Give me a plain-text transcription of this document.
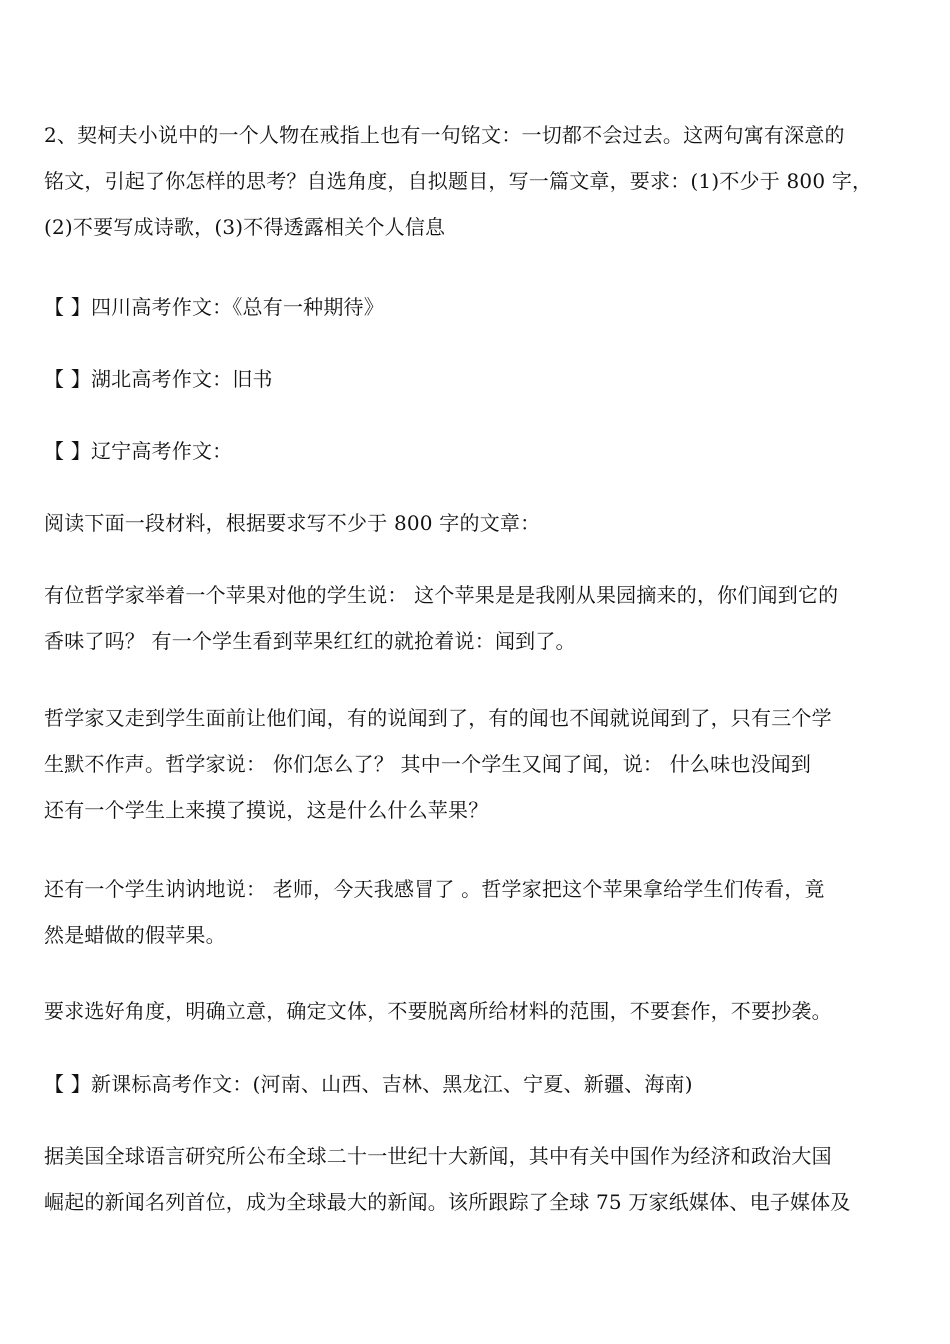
2、契柯夫小说中的一个人物在戒指上也有一句铭文：一切都不会过去。这两句寓有深意的
铭文，引起了你怎样的思考？自选角度，自拟题目，写一篇文章，要求：(1)不少于 800 字，
(2)不要写成诗歌，(3)不得透露相关个人信息

【 】四川高考作文：《总有一种期待》

【 】湖北高考作文：旧书

【 】辽宁高考作文：

阅读下面一段材料，根据要求写不少于 800 字的文章：

有位哲学家举着一个苹果对他的学生说： 这个苹果是是我刚从果园摘来的，你们闻到它的
香味了吗？ 有一个学生看到苹果红红的就抢着说：闻到了。

哲学家又走到学生面前让他们闻，有的说闻到了，有的闻也不闻就说闻到了，只有三个学
生默不作声。哲学家说： 你们怎么了？ 其中一个学生又闻了闻，说： 什么味也没闻到
还有一个学生上来摸了摸说，这是什么什么苹果？

还有一个学生讷讷地说： 老师，今天我感冒了 。哲学家把这个苹果拿给学生们传看，竟
然是蜡做的假苹果。

要求选好角度，明确立意，确定文体，不要脱离所给材料的范围，不要套作，不要抄袭。

【 】新课标高考作文：(河南、山西、吉林、黑龙江、宁夏、新疆、海南)

据美国全球语言研究所公布全球二十一世纪十大新闻，其中有关中国作为经济和政治大国
崛起的新闻名列首位，成为全球最大的新闻。该所跟踪了全球 75 万家纸媒体、电子媒体及
